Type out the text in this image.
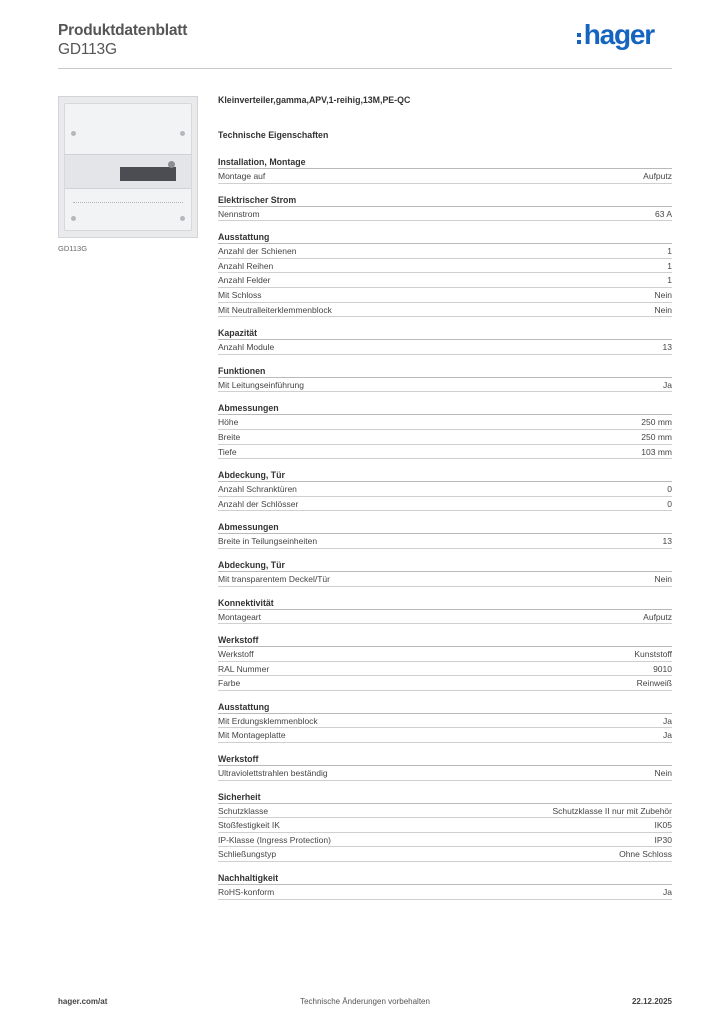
Produktdatenblatt
GD113G	hager
GD113G
Kleinverteiler,gamma,APV,1-reihig,13M,PE-QC
Technische Eigenschaften
Installation, Montage
Montage auf	Aufputz
Elektrischer Strom
Nennstrom	63 A
Ausstattung
Anzahl der Schienen	1
Anzahl Reihen	1
Anzahl Felder	1
Mit Schloss	Nein
Mit Neutralleiterklemmenblock	Nein
Kapazität
Anzahl Module	13
Funktionen
Mit Leitungseinführung	Ja
Abmessungen
Höhe	250 mm
Breite	250 mm
Tiefe	103 mm
Abdeckung, Tür
Anzahl Schranktüren	0
Anzahl der Schlösser	0
Abmessungen
Breite in Teilungseinheiten	13
Abdeckung, Tür
Mit transparentem Deckel/Tür	Nein
Konnektivität
Montageart	Aufputz
Werkstoff
Werkstoff	Kunststoff
RAL Nummer	9010
Farbe	Reinweiß
Ausstattung
Mit Erdungsklemmenblock	Ja
Mit Montageplatte	Ja
Werkstoff
Ultraviolettstrahlen beständig	Nein
Sicherheit
Schutzklasse	Schutzklasse II nur mit Zubehör
Stoßfestigkeit IK	IK05
IP-Klasse (Ingress Protection)	IP30
Schließungstyp	Ohne Schloss
Nachhaltigkeit
RoHS-konform	Ja
hager.com/at	Technische Änderungen vorbehalten	22.12.2025
